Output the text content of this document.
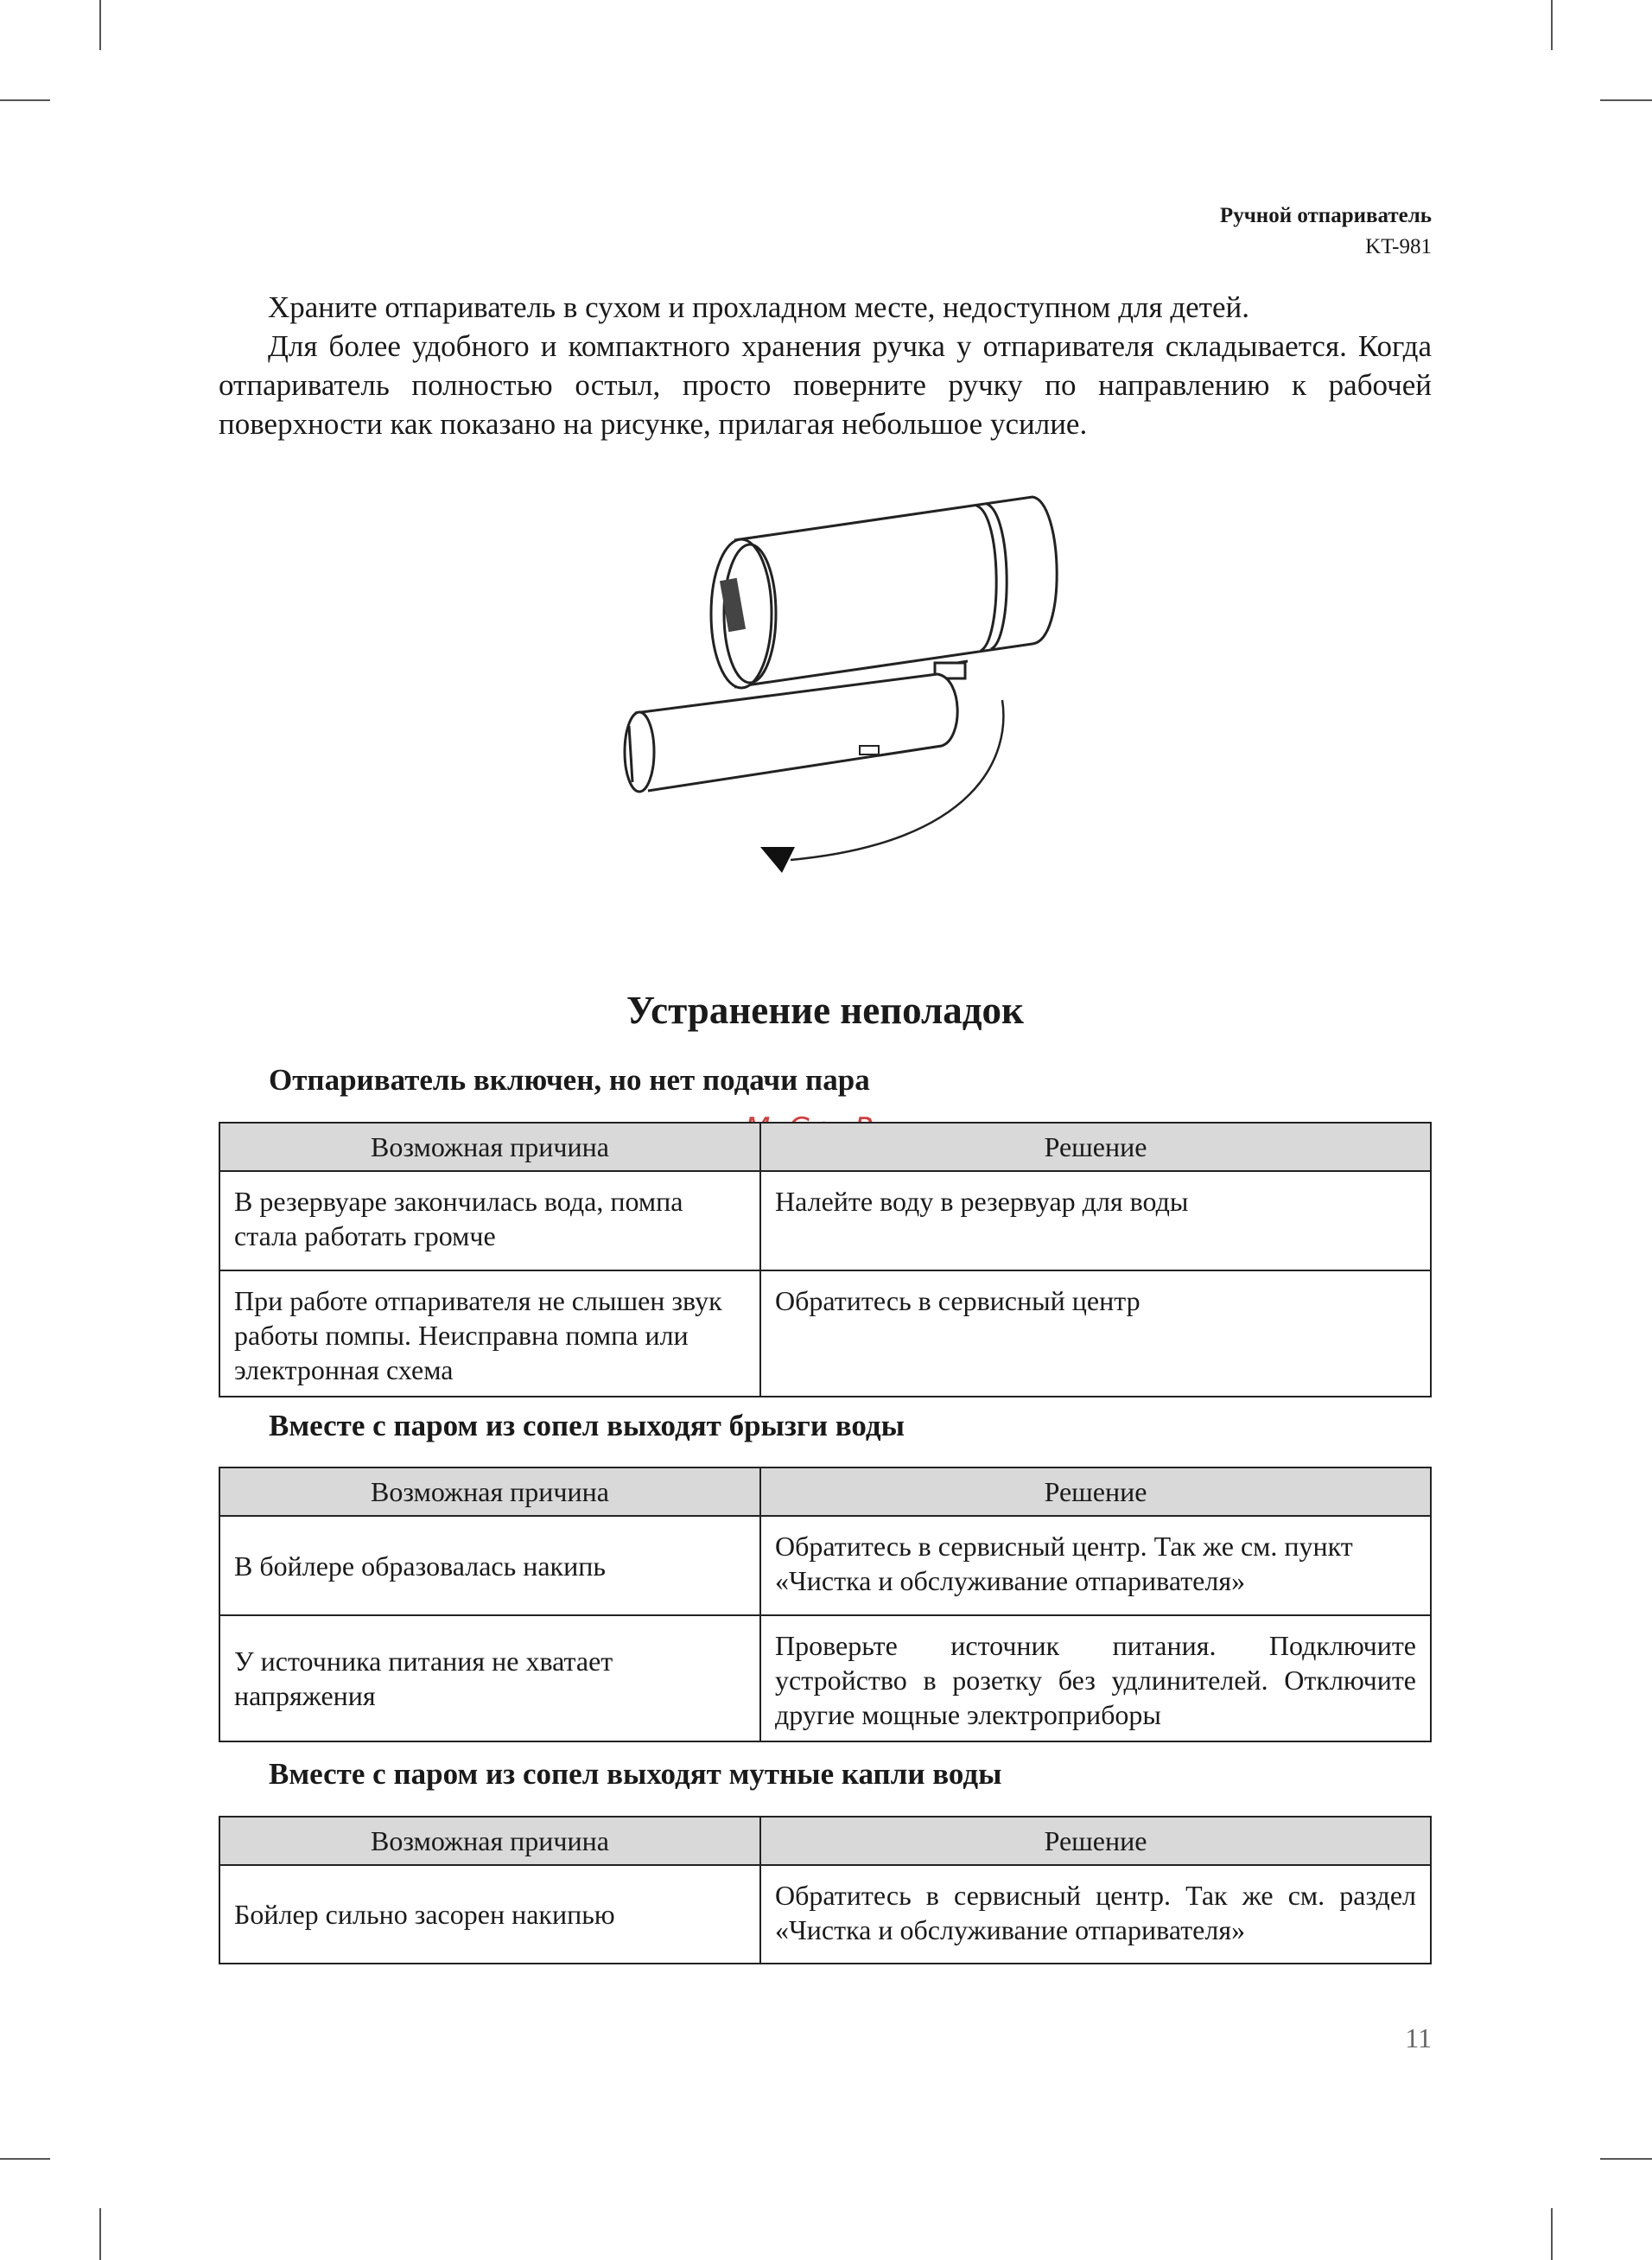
Ручной отпариватель
KT-981

Храните отпариватель в сухом и прохладном месте, недоступном для детей.

Для более удобного и компактного хранения ручка у отпаривателя складывается. Когда отпариватель полностью остыл, просто поверните ручку по направлению к рабочей поверхности как показано на рисунке, прилагая небольшое усилие.

Устранение неполадок
Отпариватель включен, но нет подачи пара
Возможная причина	Решение
В резервуаре закончилась вода, помпа стала работать громче	Налейте воду в резервуар для воды
При работе отпаривателя не слышен звук работы помпы. Неисправна помпа или электронная схема	Обратитесь в сервисный центр
Вместе с паром из сопел выходят брызги воды
Возможная причина	Решение
В бойлере образовалась накипь	Обратитесь в сервисный центр. Так же см. пункт «Чистка и обслуживание отпаривателя»
У источника питания не хватает напряжения	Проверьте источник питания. Подключите устройство в розетку без удлинителей. Отключите другие мощные электроприборы
Вместе с паром из сопел выходят мутные капли воды
Возможная причина	Решение
Бойлер сильно засорен накипью	Обратитесь в сервисный центр. Так же см. раздел «Чистка и обслуживание отпаривателя»
11
